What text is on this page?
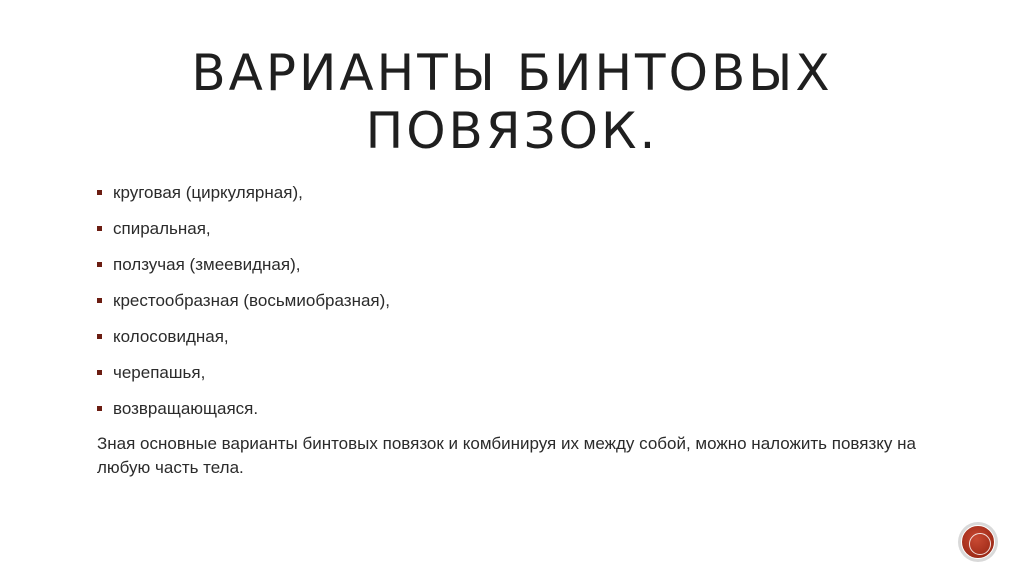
ВАРИАНТЫ БИНТОВЫХ ПОВЯЗОК.
круговая (циркулярная),
спиральная,
ползучая (змеевидная),
крестообразная (восьмиобразная),
колосовидная,
черепашья,
возвращающаяся.

Зная основные варианты бинтовых повязок и комбинируя их между собой, можно наложить повязку на любую часть тела.
